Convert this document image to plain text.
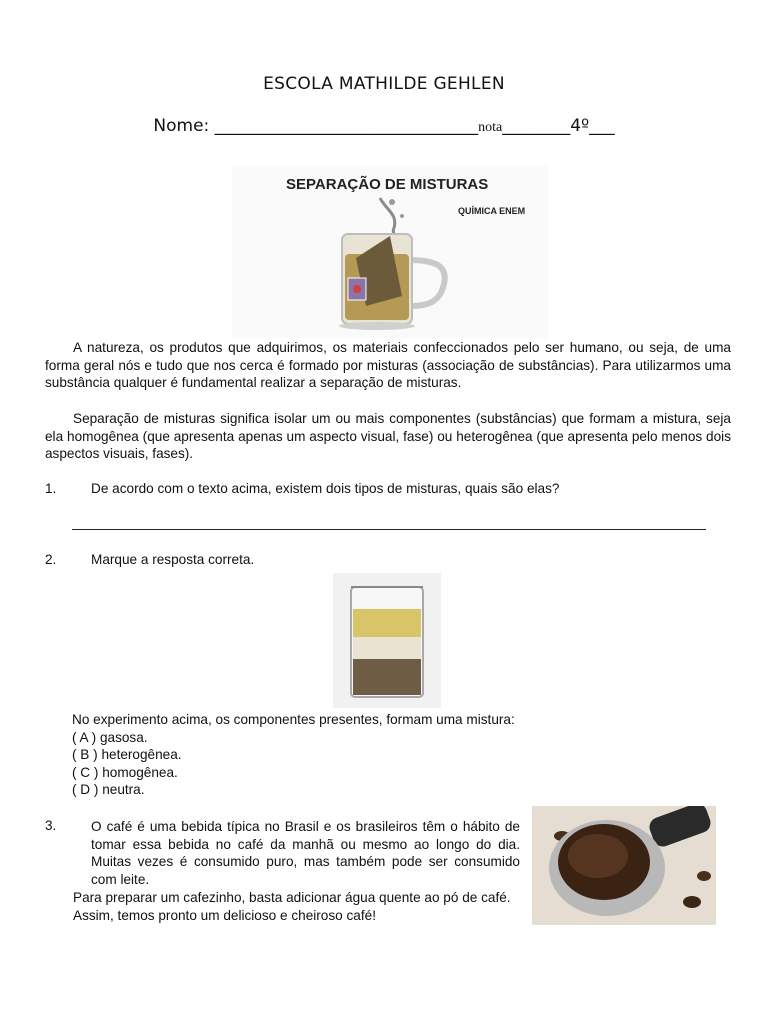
ESCOLA MATHILDE GEHLEN
Nome: _______________________________nota________4º___
SEPARAÇÃO DE MISTURAS
QUÍMICA ENEM

A natureza, os produtos que adquirimos, os materiais confeccionados pelo ser humano, ou seja, de uma forma geral nós e tudo que nos cerca é formado por misturas (associação de substâncias). Para utilizarmos uma substância qualquer é fundamental realizar a separação de misturas.

Separação de misturas significa isolar um ou mais componentes (substâncias) que formam a mistura, seja ela homogênea (que apresenta apenas um aspecto visual, fase) ou heterogênea (que apresenta pelo menos dois aspectos visuais, fases).

1.	De acordo com o texto acima, existem dois tipos de misturas, quais são elas?
2.	Marque a resposta correta.
No experimento acima, os componentes presentes, formam uma mistura:
( A ) gasosa.
( B ) heterogênea.
( C ) homogênea.
( D ) neutra.
3.	O café é uma bebida típica no Brasil e os brasileiros têm o hábito de tomar essa bebida no café da manhã ou mesmo ao longo do dia. Muitas vezes é consumido puro, mas também pode ser consumido com leite.

Para preparar um cafezinho, basta adicionar água quente ao pó de café. Assim, temos pronto um delicioso e cheiroso café!
